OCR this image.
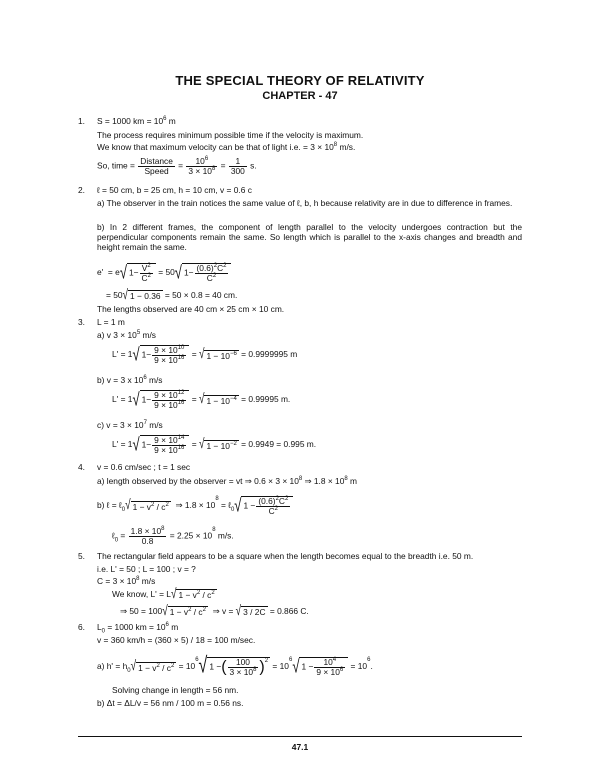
THE SPECIAL THEORY OF RELATIVITY
CHAPTER - 47
1. S = 1000 km = $10^6$ m
The process requires minimum possible time if the velocity is maximum.
We know that maximum velocity can be that of light i.e. = $3 \times 10^8$ m/s.
So, time = $\frac{\text{Distance}}{\text{Speed}} = \frac{10^6}{3 \times 10^8} = \frac{1}{300} s$.
2. ℓ = 50 cm, b = 25 cm, h = 10 cm, v = 0.6 c
a) The observer in the train notices the same value of ℓ, b, h because relativity are in due to difference in frames.
b) In 2 different frames, the component of length parallel to the velocity undergoes contraction but the perpendicular components remain the same. So length which is parallel to the x-axis changes and breadth and height remain the same.
e' = e√ $1- \frac{V^2}{C^2} = 50√$ $1- \frac{(0.6)^2C^2}{C^2}$
= 50√ 1 − 0.36 = 50 × 0.8 = 40 cm.
The lengths observed are 40 cm × 25 cm × 10 cm.
3. L = 1 m
a) v $3 \times 10^5$ m/s
L' = 1√ $1- \frac{9 \times 10^{10}}{9 \times 10^{16}}$ = √ $1 - 10^{-6} = 0.9999995$ m
b) v = 3 x $10^6$ m/s
L' = 1√ $1- \frac{9 \times 10^{12}}{9 \times 10^{16}}$ = √ $1 - 10^{-4} = 0.99995$ m.
c) $v = 3 \times 10^7$ m/s
L' = 1√ $1- \frac{9 \times 10^{14}}{9 \times 10^{16}}$ = √ $1 - 10^{-2} = 0.9949 = 0.995$ m.
4. v = 0.6 cm/sec ; t = 1 sec
a) length observed by the observer = vt ⇒ $0.6 \times 3 \times 10^8$ ⇒ $1.8 \times 10^8$ m
b) ℓ = ℓ$_0$√ $1 - v^2 / c^2$ ⇒ $1.8 \times 10^8$ = ℓ$_0$√ $1 - \frac{(0.6)^2C^2}{C^2}$
ℓ$_0$ = $\frac{1.8 \times 10^8}{0.8} = 2.25 \times 10^8$ m/s.
5. The rectangular field appears to be a square when the length becomes equal to the breadth i.e. 50 m.
i.e. L' = 50 ; L = 100 ; v = ?
$C = 3 \times 10^8$ m/s
We know, L' = L√ $1 - v^2 / c^2$
⇒ 50 = 100√ $1 - v^2 / c^2$ ⇒ v = √ 3 / 2C = 0.866 C.
6. $L_0 = 1000$ km = $10^6$ m
v = 360 km/h = (360 × 5) / 18 = 100 m/sec.
a) $h' = h_0√$ $1 - v^2 / c^2 = 10^6√$ 1 −( $\frac{100}{3 \times 10^8} )^2 = 10^6√$ $1 - \frac{10^4}{9 \times 10^6} = 10^6$.
Solving change in length = 56 nm.
b) Δt = ΔL/v = 56 nm / 100 m = 0.56 ns.
47.1
